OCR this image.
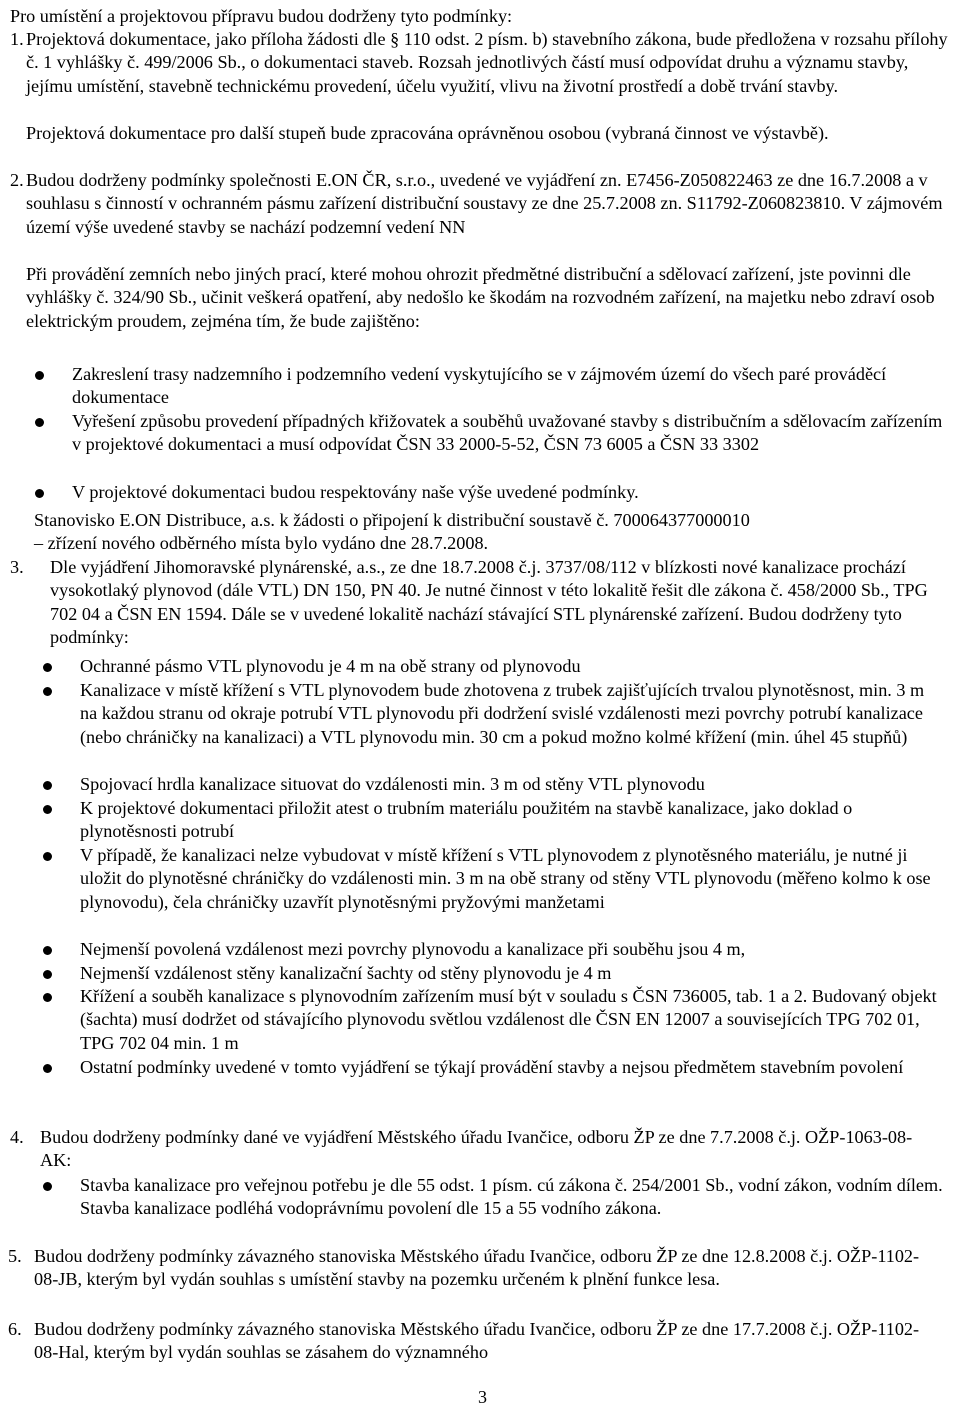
Pro umístění a projektovou přípravu budou dodrženy tyto podmínky:

1. Projektová dokumentace, jako příloha žádosti dle § 110 odst. 2 písm. b) stavebního zákona, bude předložena v rozsahu přílohy č. 1 vyhlášky č. 499/2006 Sb., o dokumentaci staveb. Rozsah jednotlivých částí musí odpovídat druhu a významu stavby, jejímu umístění, stavebně technickému provedení, účelu využití, vlivu na životní prostředí a době trvání stavby.

Projektová dokumentace pro další stupeň bude zpracována oprávněnou osobou (vybraná činnost ve výstavbě).

2. Budou dodrženy podmínky společnosti E.ON ČR, s.r.o., uvedené ve vyjádření zn. E7456-Z050822463 ze dne 16.7.2008 a v souhlasu s činností v ochranném pásmu zařízení distribuční soustavy ze dne 25.7.2008 zn. S11792-Z060823810. V zájmovém území výše uvedené stavby se nachází podzemní vedení NN

Při provádění zemních nebo jiných prací, které mohou ohrozit předmětné distribuční a sdělovací zařízení, jste povinni dle vyhlášky č. 324/90 Sb., učinit veškerá opatření, aby nedošlo ke škodám na rozvodném zařízení, na majetku nebo zdraví osob elektrickým proudem, zejména tím, že bude zajištěno:

Zakreslení trasy nadzemního i podzemního vedení vyskytujícího se v zájmovém území do všech paré prováděcí dokumentace
Vyřešení způsobu provedení případných křižovatek a souběhů uvažované stavby s distribučním a sdělovacím zařízením v projektové dokumentaci a musí odpovídat ČSN 33 2000-5-52, ČSN 73 6005 a ČSN 33 3302
V projektové dokumentaci budou respektovány naše výše uvedené podmínky.

Stanovisko E.ON Distribuce, a.s. k žádosti o připojení k distribuční soustavě č. 700064377000010

– zřízení nového odběrného místa bylo vydáno dne 28.7.2008.

3.	Dle vyjádření Jihomoravské plynárenské, a.s., ze dne 18.7.2008 č.j. 3737/08/112 v blízkosti nové kanalizace prochází vysokotlaký plynovod (dále VTL) DN 150, PN 40. Je nutné činnost v této lokalitě řešit dle zákona č. 458/2000 Sb., TPG 702 04 a ČSN EN 1594. Dále se v uvedené lokalitě nachází stávající STL plynárenské zařízení. Budou dodrženy tyto podmínky:

Ochranné pásmo VTL plynovodu je 4 m na obě strany od plynovodu
Kanalizace v místě křížení s VTL plynovodem bude zhotovena z trubek zajišťujících trvalou plynotěsnost, min. 3 m na každou stranu od okraje potrubí VTL plynovodu při dodržení svislé vzdálenosti mezi povrchy potrubí kanalizace (nebo chráničky na kanalizaci) a VTL plynovodu min. 30 cm a pokud možno kolmé křížení (min. úhel 45 stupňů)
Spojovací hrdla kanalizace situovat do vzdálenosti min. 3 m od stěny VTL plynovodu
K projektové dokumentaci přiložit atest o trubním materiálu použitém na stavbě kanalizace, jako doklad o plynotěsnosti potrubí
V případě, že kanalizaci nelze vybudovat v místě křížení s VTL plynovodem z plynotěsného materiálu, je nutné ji uložit do plynotěsné chráničky do vzdálenosti min. 3 m na obě strany od stěny VTL plynovodu (měřeno kolmo k ose plynovodu), čela chráničky uzavřít plynotěsnými pryžovými manžetami
Nejmenší povolená vzdálenost mezi povrchy plynovodu a kanalizace při souběhu jsou 4 m,
Nejmenší vzdálenost stěny kanalizační šachty od stěny plynovodu je 4 m
Křížení a souběh kanalizace s plynovodním zařízením musí být v souladu s ČSN 736005, tab. 1 a 2. Budovaný objekt (šachta) musí dodržet od stávajícího plynovodu světlou vzdálenost dle ČSN EN 12007 a souvisejících TPG 702 01, TPG 702 04 min. 1 m
Ostatní podmínky uvedené v tomto vyjádření se týkají provádění stavby a nejsou předmětem stavebním povolení
4. Budou dodrženy podmínky dané ve vyjádření Městského úřadu Ivančice, odboru ŽP ze dne 7.7.2008 č.j. OŽP-1063-08-AK:

Stavba kanalizace pro veřejnou potřebu je dle 55 odst. 1 písm. cú zákona č. 254/2001 Sb., vodní zákon, vodním dílem. Stavba kanalizace podléhá vodoprávnímu povolení dle 15 a 55 vodního zákona.
5. Budou dodrženy podmínky závazného stanoviska Městského úřadu Ivančice, odboru ŽP ze dne 12.8.2008 č.j. OŽP-1102-08-JB, kterým byl vydán souhlas s umístění stavby na pozemku určeném k plnění funkce lesa.

6. Budou dodrženy podmínky závazného stanoviska Městského úřadu Ivančice, odboru ŽP ze dne 17.7.2008 č.j. OŽP-1102-08-Hal, kterým byl vydán souhlas se zásahem do významného

3
